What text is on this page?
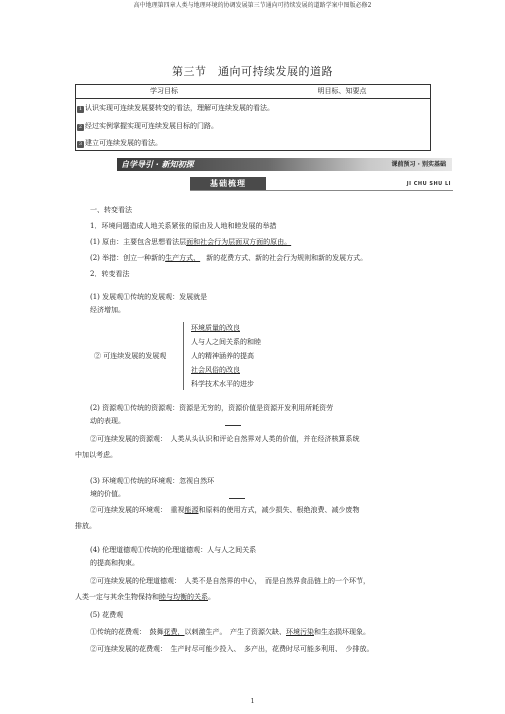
高中地理第四章人类与地理环境的协调发展第三节通向可持续发展的道路学案中图版必修2
第三节　通向可持续发展的道路
学习目标	明目标、知要点
1 认识实现可连续发展要转变的看法，理解可连续发展的看法。
2 经过实例掌握实现可连续发展目标的门路。
3 建立可连续发展的看法。
自学导引 · 新知初探	课前预习 · 别实基础
基础梳理	JI CHU SHU LI
一、转变看法
1．环境问题造成人地关系紧张的原由及人地和睦发展的举措
(1) 原由：主要包含思想看法层面和社会行为层面双方面的原由。
(2) 举措：创立一种新的生产方式、 新的花费方式、新的社会行为规则和新的发展方式。
2．转变看法
(1) 发展观①传统的发展观：发展就是
经济增加。
② 可连续发展的发展观
环境质量的改良
人与人之间关系的和睦
人的精神涵养的提高
社会风俗的改良
科学技术水平的进步
(2) 资源观①传统的资源观：资源是无穷的，资源价值是资源开发利用所耗资劳
动的表现。
②可连续发展的资源观：　人类从头认识和评论自然界对人类的价值，并在经济核算系统
中加以考虑。
(3) 环境观①传统的环境观：忽视自然环
境的价值。
②可连续发展的环境观：　重视能源和原料的使用方式，减少损失、根绝浪费、减少废物
排放。
(4) 伦理道德观①传统的伦理道德观：人与人之间关系
的提高和拘束。
②可连续发展的伦理道德观：　人类不是自然界的中心，　而是自然界食品链上的一个环节，
人类一定与其余生物保持和睦与均衡的关系。
(5) 花费观
①传统的花费观：　鼓舞花费，以刺激生产。　产生了资源欠缺、环境污染和生态损坏现象。
②可连续发展的花费观：　生产时尽可能少投入、　多产出，花费时尽可能多利用、　少排放。
1
